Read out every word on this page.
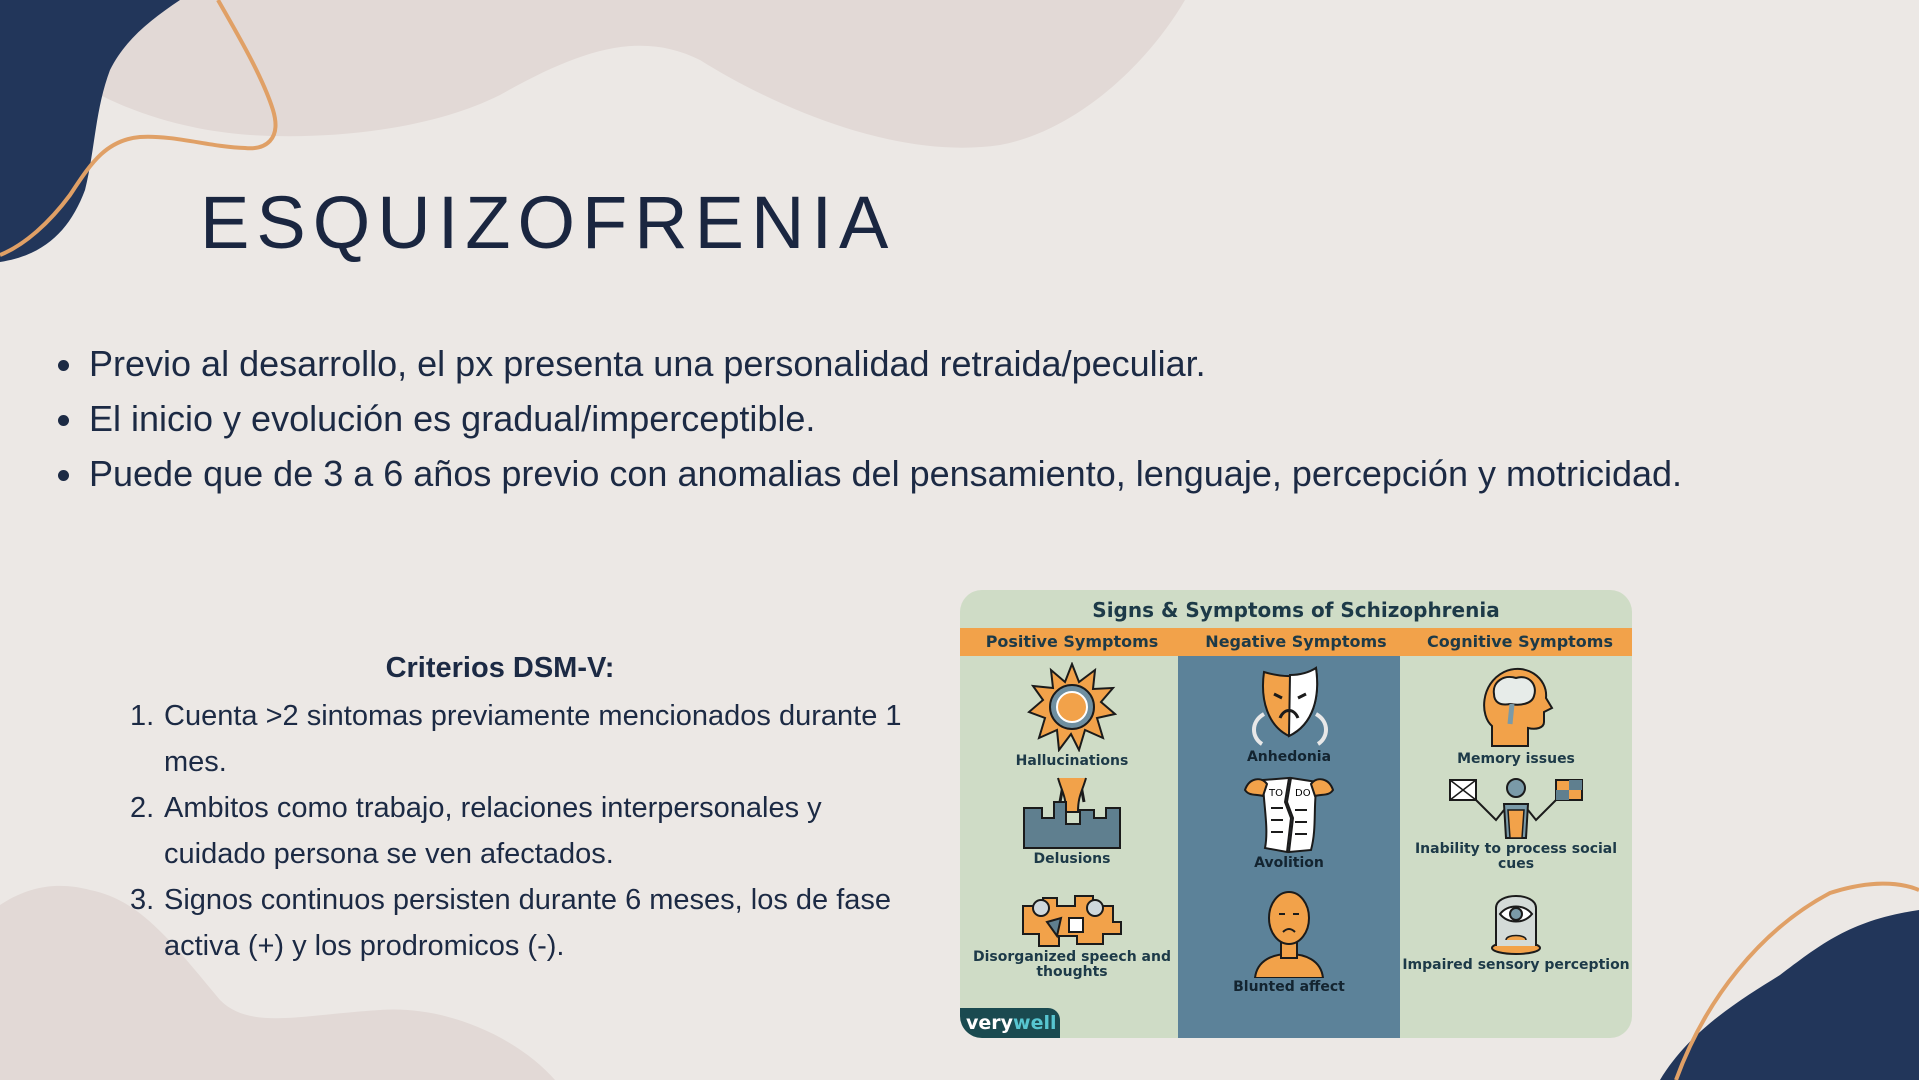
ESQUIZOFRENIA
Previo al desarrollo, el px presenta una personalidad retraida/peculiar.
El inicio y evolución es gradual/imperceptible.
Puede que de 3 a 6 años previo con anomalias del pensamiento, lenguaje, percepción y motricidad.
Criterios DSM-V:
1. Cuenta >2 sintomas previamente mencionados durante 1 mes.
2. Ambitos como trabajo, relaciones interpersonales y cuidado persona se ven afectados.
3. Signos continuos persisten durante 6 meses, los de fase activa (+) y los prodromicos (-).
Signs & Symptoms of Schizophrenia
Positive Symptoms	Negative Symptoms	Cognitive Symptoms
Hallucinations
Delusions
Disorganized speech and thoughts
Anhedonia
TO DO
Avolition
Blunted affect
Memory issues
Inability to process social cues
Impaired sensory perception
verywell
